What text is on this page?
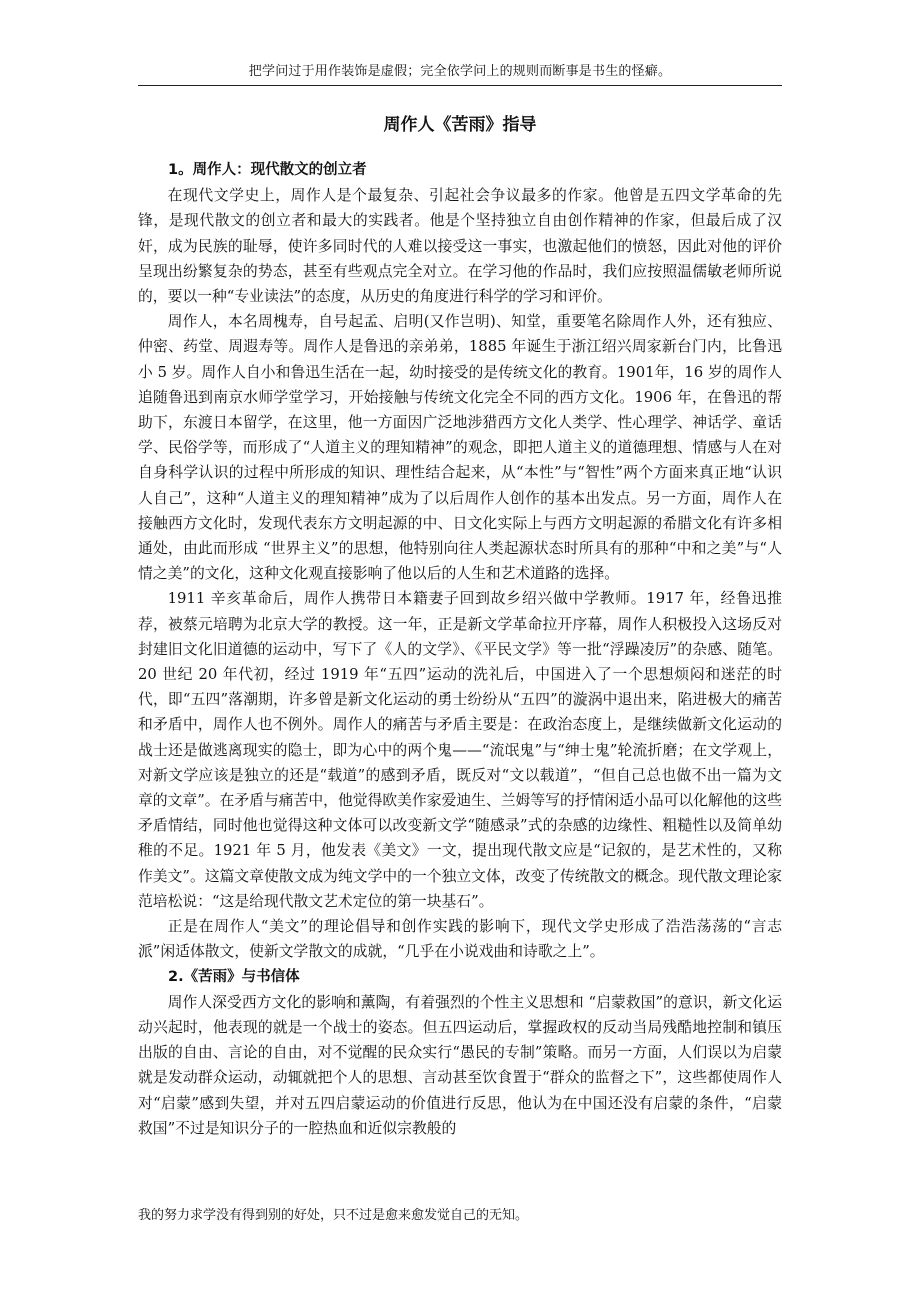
把学问过于用作装饰是虚假；完全依学问上的规则而断事是书生的怪癖。
周作人《苦雨》指导

1。周作人：现代散文的创立者

在现代文学史上，周作人是个最复杂、引起社会争议最多的作家。他曾是五四文学革命的先锋，是现代散文的创立者和最大的实践者。他是个坚持独立自由创作精神的作家，但最后成了汉奸，成为民族的耻辱，使许多同时代的人难以接受这一事实，也激起他们的愤怒，因此对他的评价呈现出纷繁复杂的势态，甚至有些观点完全对立。在学习他的作品时，我们应按照温儒敏老师所说的，要以一种“专业读法”的态度，从历史的角度进行科学的学习和评价。

周作人，本名周槐寿，自号起孟、启明(又作岂明)、知堂，重要笔名除周作人外，还有独应、仲密、药堂、周遐寿等。周作人是鲁迅的亲弟弟，1885 年诞生于浙江绍兴周家新台门内，比鲁迅小 5 岁。周作人自小和鲁迅生活在一起，幼时接受的是传统文化的教育。1901年，16 岁的周作人追随鲁迅到南京水师学堂学习，开始接触与传统文化完全不同的西方文化。1906 年，在鲁迅的帮助下，东渡日本留学，在这里，他一方面因广泛地涉猎西方文化人类学、性心理学、神话学、童话学、民俗学等，而形成了“人道主义的理知精神”的观念，即把人道主义的道德理想、情感与人在对自身科学认识的过程中所形成的知识、理性结合起来，从“本性”与“智性”两个方面来真正地“认识人自己”，这种“人道主义的理知精神”成为了以后周作人创作的基本出发点。另一方面，周作人在接触西方文化时，发现代表东方文明起源的中、日文化实际上与西方文明起源的希腊文化有许多相通处，由此而形成 “世界主义”的思想，他特别向往人类起源状态时所具有的那种“中和之美”与“人情之美”的文化，这种文化观直接影响了他以后的人生和艺术道路的选择。

1911 辛亥革命后，周作人携带日本籍妻子回到故乡绍兴做中学教师。1917 年，经鲁迅推荐，被蔡元培聘为北京大学的教授。这一年，正是新文学革命拉开序幕，周作人积极投入这场反对封建旧文化旧道德的运动中，写下了《人的文学》、《平民文学》等一批“浮躁凌厉”的杂感、随笔。20 世纪 20 年代初，经过 1919 年“五四”运动的洗礼后，中国进入了一个思想烦闷和迷茫的时代，即“五四”落潮期，许多曾是新文化运动的勇士纷纷从“五四”的漩涡中退出来，陷进极大的痛苦和矛盾中，周作人也不例外。周作人的痛苦与矛盾主要是：在政治态度上，是继续做新文化运动的战士还是做逃离现实的隐士，即为心中的两个鬼——“流氓鬼”与“绅士鬼”轮流折磨；在文学观上，对新文学应该是独立的还是“载道”的感到矛盾，既反对“文以载道”，“但自己总也做不出一篇为文章的文章”。在矛盾与痛苦中，他觉得欧美作家爱迪生、兰姆等写的抒情闲适小品可以化解他的这些矛盾情结，同时他也觉得这种文体可以改变新文学“随感录”式的杂感的边缘性、粗糙性以及简单幼稚的不足。1921 年 5 月，他发表《美文》一文，提出现代散文应是“记叙的，是艺术性的，又称作美文”。这篇文章使散文成为纯文学中的一个独立文体，改变了传统散文的概念。现代散文理论家范培松说：“这是给现代散文艺术定位的第一块基石”。

正是在周作人“美文”的理论倡导和创作实践的影响下，现代文学史形成了浩浩荡荡的“言志派”闲适体散文，使新文学散文的成就，“几乎在小说戏曲和诗歌之上”。

2.《苦雨》与书信体

周作人深受西方文化的影响和薰陶，有着强烈的个性主义思想和 “启蒙救国”的意识，新文化运动兴起时，他表现的就是一个战士的姿态。但五四运动后，掌握政权的反动当局残酷地控制和镇压出版的自由、言论的自由，对不觉醒的民众实行“愚民的专制”策略。而另一方面，人们误以为启蒙就是发动群众运动，动辄就把个人的思想、言动甚至饮食置于“群众的监督之下”，这些都使周作人对“启蒙”感到失望，并对五四启蒙运动的价值进行反思，他认为在中国还没有启蒙的条件，“启蒙救国”不过是知识分子的一腔热血和近似宗教般的

我的努力求学没有得到别的好处，只不过是愈来愈发觉自己的无知。
